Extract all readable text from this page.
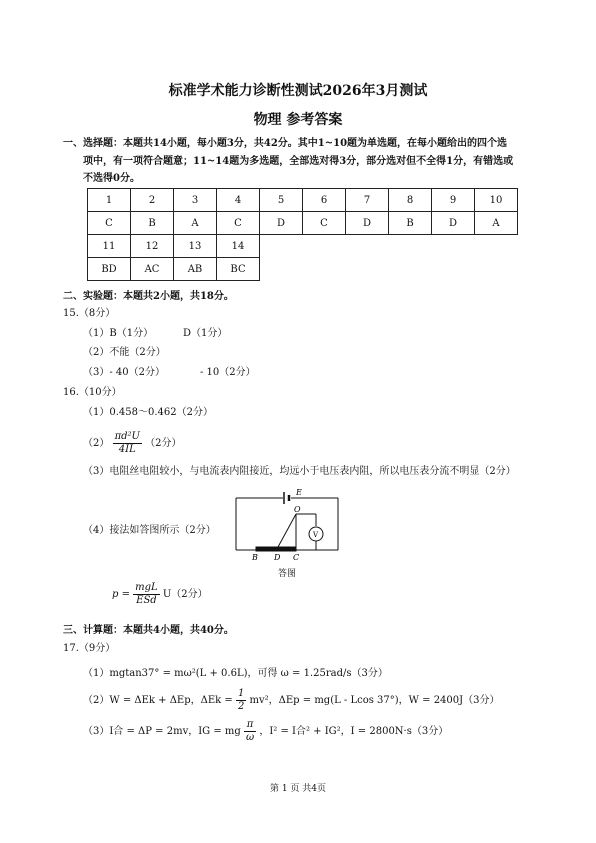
标准学术能力诊断性测试2026年3月测试
物理 参考答案
一、选择题：本题共14小题，每小题3分，共42分。其中1~10题为单选题，在每小题给出的四个选
项中，有一项符合题意；11~14题为多选题，全部选对得3分，部分选对但不全得1分，有错选或
不选得0分。
1	2	3	4	5	6	7	8	9	10
C	B	A	C	D	C	D	B	D	A
11	12	13	14
BD	AC	AB	BC
二、实验题：本题共2小题，共18分。
15.（8分）
（1）B（1分）	D（1分）
（2）不能（2分）
（3）- 40（2分）	- 10（2分）
16.（10分）
（1）0.458～0.462（2分）
$(2) \frac{\text{πd²U}}{4IL} (2$分）
（3）电阻丝电阻较小，与电流表内阻接近，均远小于电压表内阻，所以电压表分流不明显（2分）
（4）接法如答图所示（2分）
E
O
V
B D C
答图
$p = \frac{\text{mgL}}{\text{ESd}} U(2$分）
三、计算题：本题共4小题，共40分。
17.（9分）
（1）mgtan37° = mω²(L + 0.6L)，可得 ω = 1.25rad/s（3分）
（2）W = ΔEk + ΔEp，$\Delta Ek = \frac{1}{2} mv^2$，ΔEp = mg(L - Lcos 37°)，W = 2400J（3分）
（3）I合 = ΔP = 2mv，IG = mg $\frac{\pi}{\omega}$ ，I² = I合² + IG²，I = 2800N·s（3分）
第 1 页 共4页
